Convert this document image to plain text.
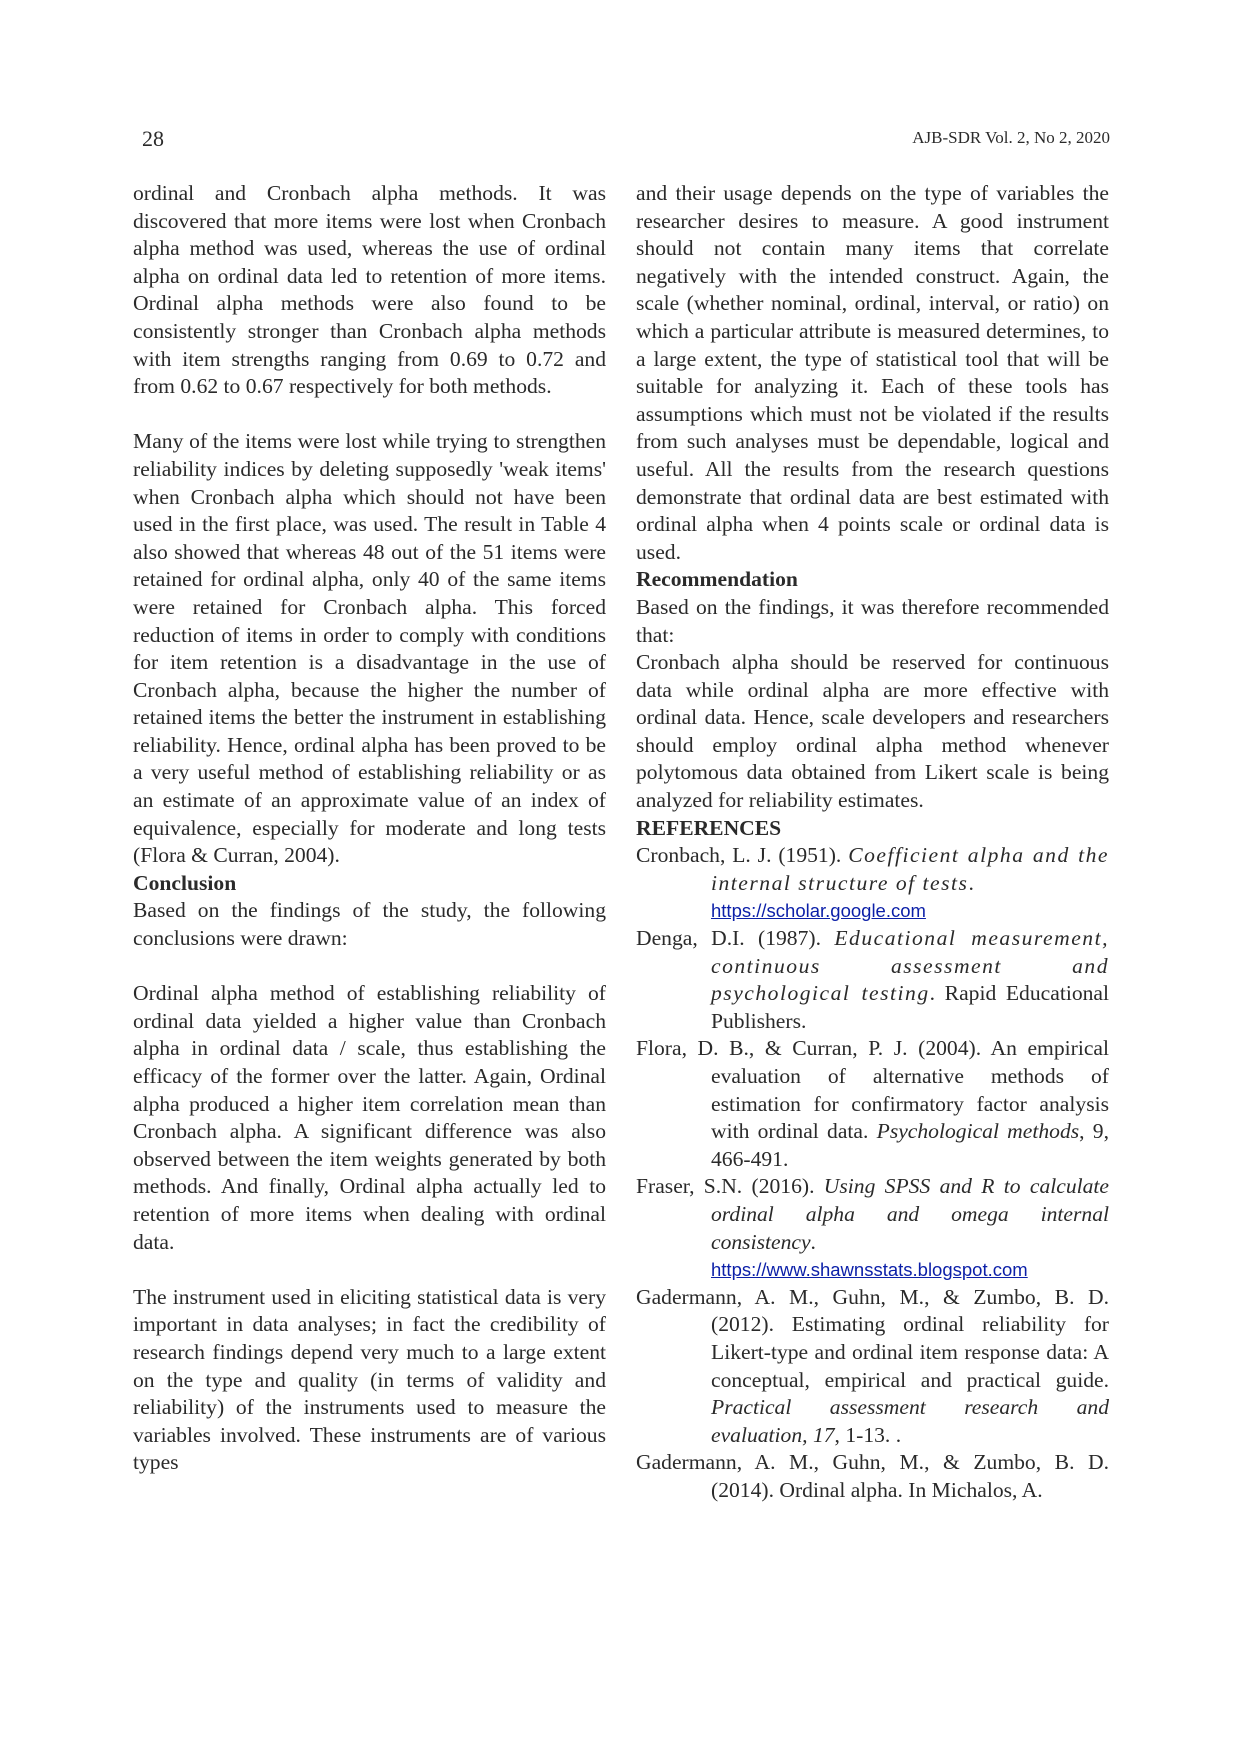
28	AJB-SDR Vol. 2, No 2, 2020

ordinal and Cronbach alpha methods. It was discovered that more items were lost when Cronbach alpha method was used, whereas the use of ordinal alpha on ordinal data led to retention of more items. Ordinal alpha methods were also found to be consistently stronger than Cronbach alpha methods with item strengths ranging from 0.69 to 0.72 and from 0.62 to 0.67 respectively for both methods.

Many of the items were lost while trying to strengthen reliability indices by deleting supposedly 'weak items' when Cronbach alpha which should not have been used in the first place, was used. The result in Table 4 also showed that whereas 48 out of the 51 items were retained for ordinal alpha, only 40 of the same items were retained for Cronbach alpha. This forced reduction of items in order to comply with conditions for item retention is a disadvantage in the use of Cronbach alpha, because the higher the number of retained items the better the instrument in establishing reliability. Hence, ordinal alpha has been proved to be a very useful method of establishing reliability or as an estimate of an approximate value of an index of equivalence, especially for moderate and long tests (Flora & Curran, 2004).

Conclusion

Based on the findings of the study, the following conclusions were drawn:

Ordinal alpha method of establishing reliability of ordinal data yielded a higher value than Cronbach alpha in ordinal data / scale, thus establishing the efficacy of the former over the latter. Again, Ordinal alpha produced a higher item correlation mean than Cronbach alpha. A significant difference was also observed between the item weights generated by both methods. And finally, Ordinal alpha actually led to retention of more items when dealing with ordinal data.

The instrument used in eliciting statistical data is very important in data analyses; in fact the credibility of research findings depend very much to a large extent on the type and quality (in terms of validity and reliability) of the instruments used to measure the variables involved. These instruments are of various types

and their usage depends on the type of variables the researcher desires to measure. A good instrument should not contain many items that correlate negatively with the intended construct. Again, the scale (whether nominal, ordinal, interval, or ratio) on which a particular attribute is measured determines, to a large extent, the type of statistical tool that will be suitable for analyzing it. Each of these tools has assumptions which must not be violated if the results from such analyses must be dependable, logical and useful. All the results from the research questions demonstrate that ordinal data are best estimated with ordinal alpha when 4 points scale or ordinal data is used.

Recommendation

Based on the findings, it was therefore recommended that:

Cronbach alpha should be reserved for continuous data while ordinal alpha are more effective with ordinal data. Hence, scale developers and researchers should employ ordinal alpha method whenever polytomous data obtained from Likert scale is being analyzed for reliability estimates.

REFERENCES

Cronbach, L. J. (1951). Coefficient alpha and the internal structure of tests.
https://scholar.google.com

Denga, D.I. (1987). Educational measurement, continuous assessment and psychological testing. Rapid Educational Publishers.

Flora, D. B., & Curran, P. J. (2004). An empirical evaluation of alternative methods of estimation for confirmatory factor analysis with ordinal data. Psychological methods, 9, 466-491.

Fraser, S.N. (2016). Using SPSS and R to calculate ordinal alpha and omega internal consistency.
https://www.shawnsstats.blogspot.com

Gadermann, A. M., Guhn, M., & Zumbo, B. D. (2012). Estimating ordinal reliability for Likert-type and ordinal item response data: A conceptual, empirical and practical guide. Practical assessment research and evaluation, 17, 1-13. .

Gadermann, A. M., Guhn, M., & Zumbo, B. D. (2014). Ordinal alpha. In Michalos, A.
